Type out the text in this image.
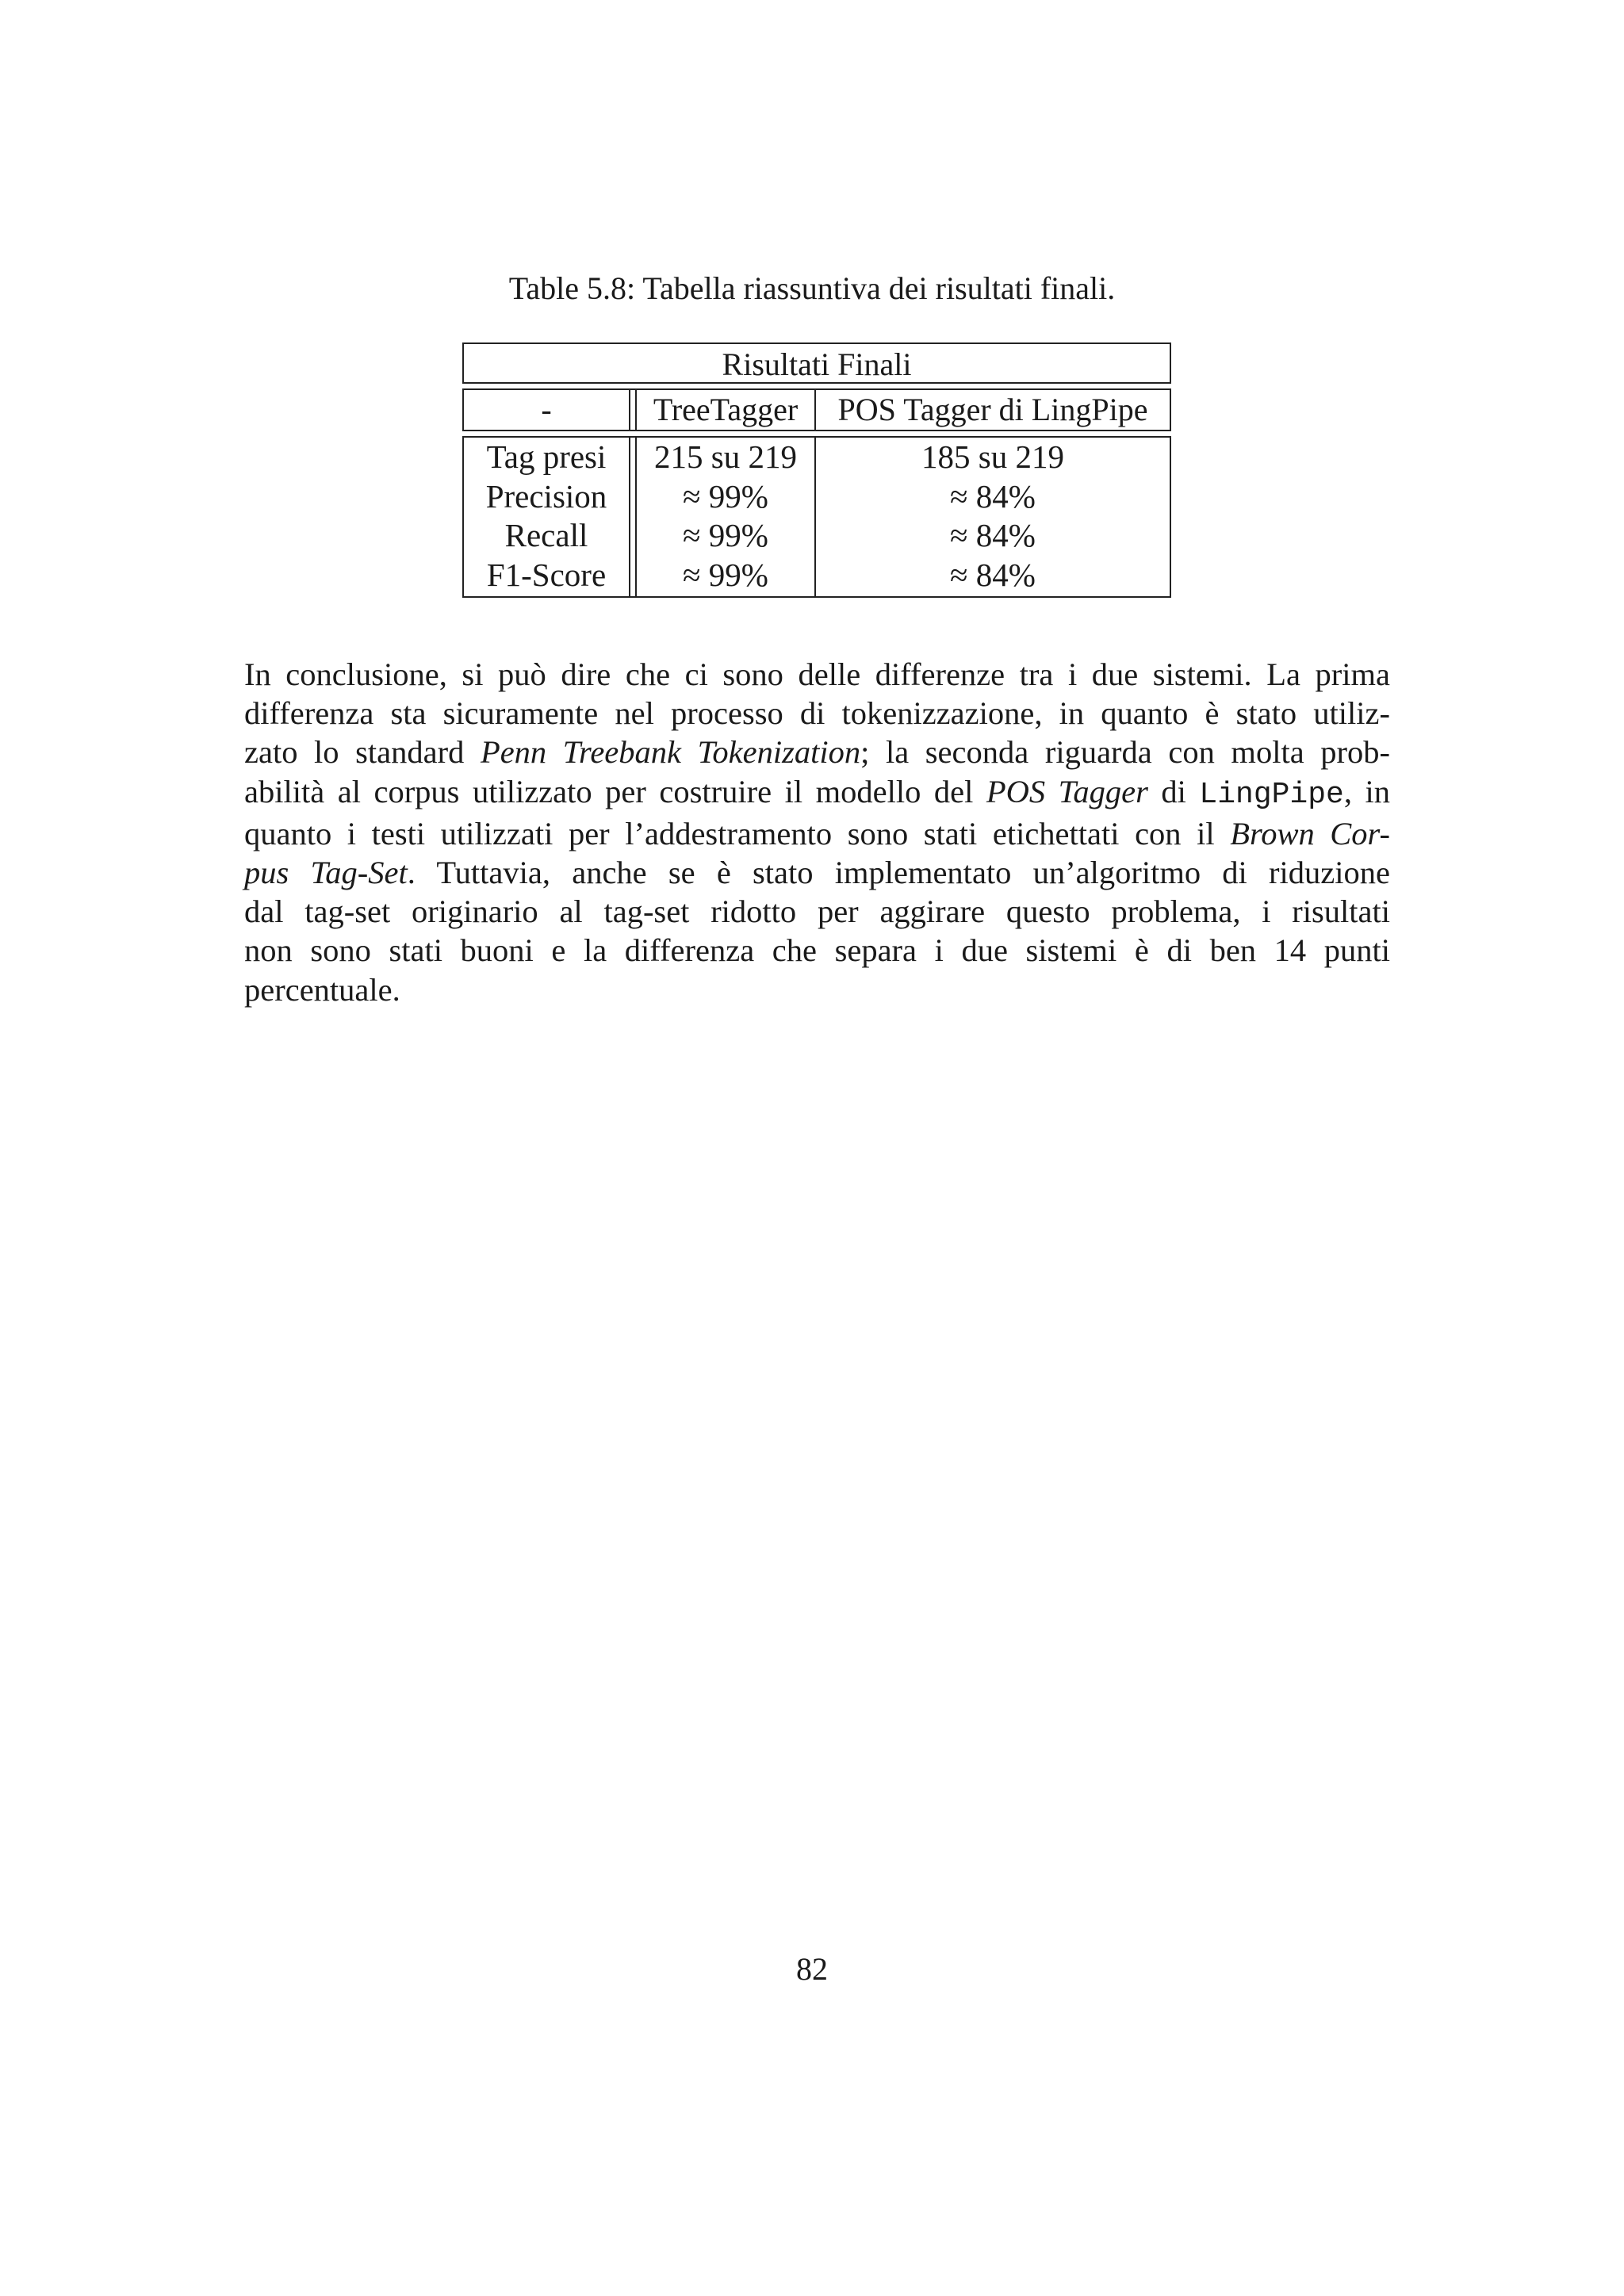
Table 5.8: Tabella riassuntiva dei risultati finali.
Risultati Finali
-	TreeTagger	POS Tagger di LingPipe
Tag presi
Precision
Recall
F1-Score
215 su 219
≈ 99%
≈ 99%
≈ 99%
185 su 219
≈ 84%
≈ 84%
≈ 84%
In conclusione, si può dire che ci sono delle differenze tra i due sistemi. La prima
differenza sta sicuramente nel processo di tokenizzazione, in quanto è stato utiliz-
zato lo standard Penn Treebank Tokenization; la seconda riguarda con molta prob-
abilità al corpus utilizzato per costruire il modello del POS Tagger di LingPipe, in
quanto i testi utilizzati per l’addestramento sono stati etichettati con il Brown Cor-
pus Tag-Set. Tuttavia, anche se è stato implementato un’algoritmo di riduzione
dal tag-set originario al tag-set ridotto per aggirare questo problema, i risultati
non sono stati buoni e la differenza che separa i due sistemi è di ben 14 punti
percentuale.
82
